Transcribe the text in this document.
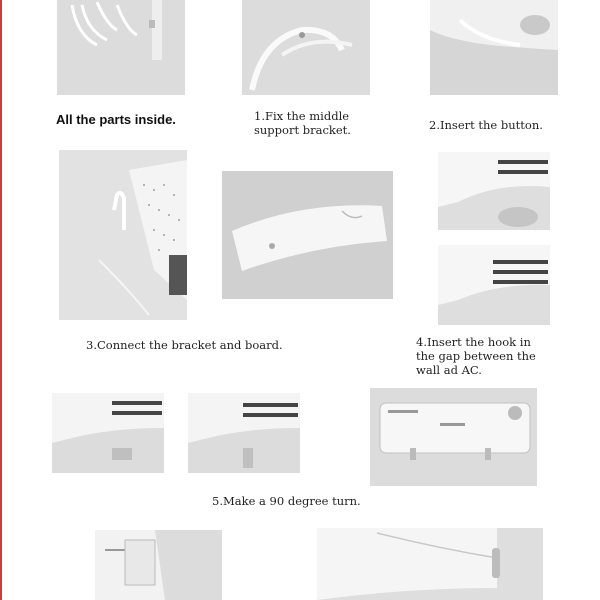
All the parts inside.	1.Fix the middle
support bracket.	2.Insert the button.
3.Connect the bracket and board.	4.Insert the hook in
the gap between the
wall ad AC.
5.Make a 90 degree turn.
